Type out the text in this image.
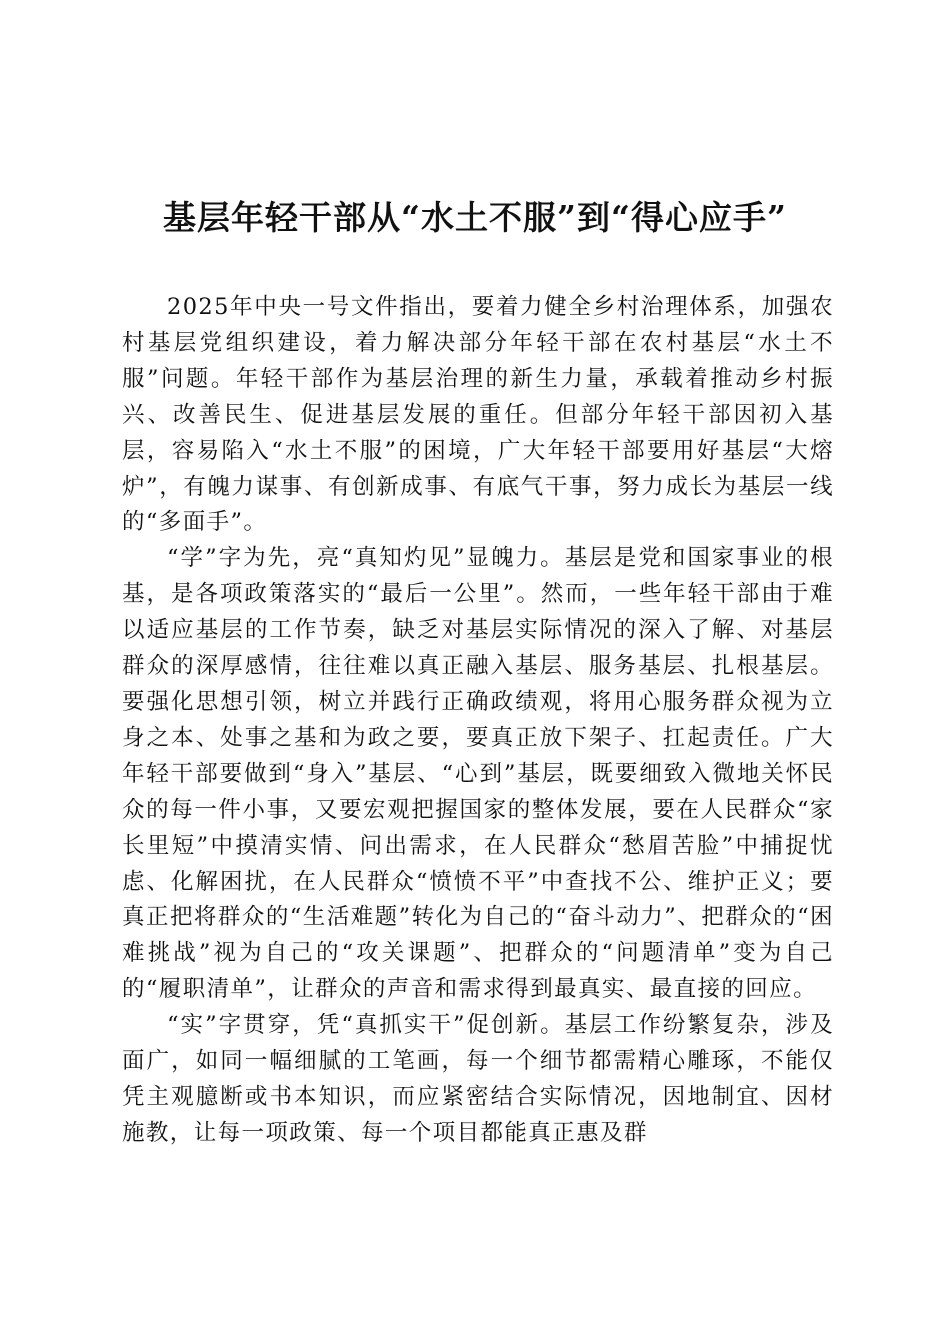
基层年轻干部从“水土不服”到“得心应手”

2025年中央一号文件指出，要着力健全乡村治理体系，加强农村基层党组织建设，着力解决部分年轻干部在农村基层“水土不服”问题。年轻干部作为基层治理的新生力量，承载着推动乡村振兴、改善民生、促进基层发展的重任。但部分年轻干部因初入基层，容易陷入“水土不服”的困境，广大年轻干部要用好基层“大熔炉”，有魄力谋事、有创新成事、有底气干事，努力成长为基层一线的“多面手”。

“学”字为先，亮“真知灼见”显魄力。基层是党和国家事业的根基，是各项政策落实的“最后一公里”。然而，一些年轻干部由于难以适应基层的工作节奏，缺乏对基层实际情况的深入了解、对基层群众的深厚感情，往往难以真正融入基层、服务基层、扎根基层。要强化思想引领，树立并践行正确政绩观，将用心服务群众视为立身之本、处事之基和为政之要，要真正放下架子、扛起责任。广大年轻干部要做到“身入”基层、“心到”基层，既要细致入微地关怀民众的每一件小事，又要宏观把握国家的整体发展，要在人民群众“家长里短”中摸清实情、问出需求，在人民群众“愁眉苦脸”中捕捉忧虑、化解困扰，在人民群众“愤愤不平”中查找不公、维护正义；要真正把将群众的“生活难题”转化为自己的“奋斗动力”、把群众的“困难挑战”视为自己的“攻关课题”、把群众的“问题清单”变为自己的“履职清单”，让群众的声音和需求得到最真实、最直接的回应。

“实”字贯穿，凭“真抓实干”促创新。基层工作纷繁复杂，涉及面广，如同一幅细腻的工笔画，每一个细节都需精心雕琢，不能仅凭主观臆断或书本知识，而应紧密结合实际情况，因地制宜、因材施教，让每一项政策、每一个项目都能真正惠及群
